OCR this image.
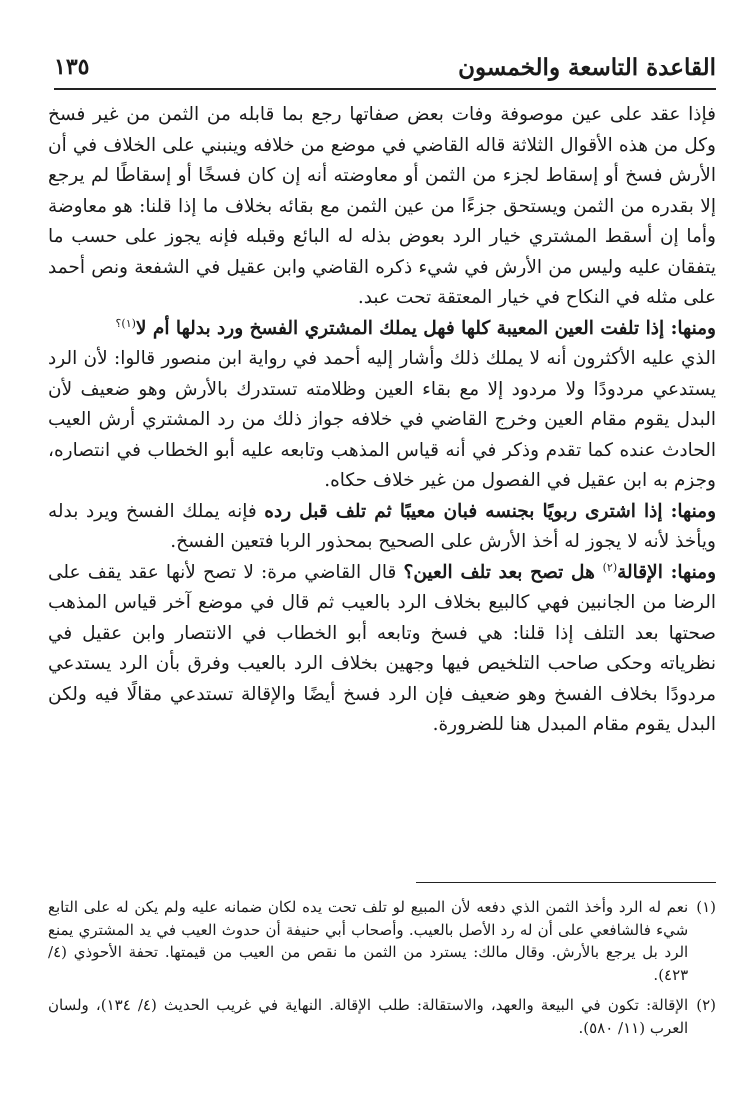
القاعدة التاسعة والخمسون
١٣٥

فإذا عقد على عين موصوفة وفات بعض صفاتها رجع بما قابله من الثمن من غير فسخ وكل من هذه الأقوال الثلاثة قاله القاضي في موضع من خلافه وينبني على الخلاف في أن الأرش فسخ أو إسقاط لجزء من الثمن أو معاوضته أنه إن كان فسخًا أو إسقاطًا لم يرجع إلا بقدره من الثمن ويستحق جزءًا من عين الثمن مع بقائه بخلاف ما إذا قلنا: هو معاوضة وأما إن أسقط المشتري خيار الرد بعوض بذله له البائع وقبله فإنه يجوز على حسب ما يتفقان عليه وليس من الأرش في شيء ذكره القاضي وابن عقيل في الشفعة ونص أحمد على مثله في النكاح في خيار المعتقة تحت عبد.

ومنها: إذا تلفت العين المعيبة كلها فهل يملك المشتري الفسخ ورد بدلها أم لا$^{(١)؟}$

الذي عليه الأكثرون أنه لا يملك ذلك وأشار إليه أحمد في رواية ابن منصور قالوا: لأن الرد يستدعي مردودًا ولا مردود إلا مع بقاء العين وظلامته تستدرك بالأرش وهو ضعيف لأن البدل يقوم مقام العين وخرج القاضي في خلافه جواز ذلك من رد المشتري أرش العيب الحادث عنده كما تقدم وذكر في أنه قياس المذهب وتابعه عليه أبو الخطاب في انتصاره، وجزم به ابن عقيل في الفصول من غير خلاف حكاه.

ومنها: إذا اشترى ربويًا بجنسه فبان معيبًا ثم تلف قبل رده فإنه يملك الفسخ ويرد بدله ويأخذ لأنه لا يجوز له أخذ الأرش على الصحيح بمحذور الربا فتعين الفسخ.

ومنها: الإقالة$^{(٢)}$ هل تصح بعد تلف العين؟ قال القاضي مرة: لا تصح لأنها عقد يقف على الرضا من الجانبين فهي كالبيع بخلاف الرد بالعيب ثم قال في موضع آخر قياس المذهب صحتها بعد التلف إذا قلنا: هي فسخ وتابعه أبو الخطاب في الانتصار وابن عقيل في نظرياته وحكى صاحب التلخيص فيها وجهين بخلاف الرد بالعيب وفرق بأن الرد يستدعي مردودًا بخلاف الفسخ وهو ضعيف فإن الرد فسخ أيضًا والإقالة تستدعي مقالًا فيه ولكن البدل يقوم مقام المبدل هنا للضرورة.

(١)
نعم له الرد وأخذ الثمن الذي دفعه لأن المبيع لو تلف تحت يده لكان ضمانه عليه ولم يكن له على التابع شيء فالشافعي على أن له رد الأصل بالعيب. وأصحاب أبي حنيفة أن حدوث العيب في يد المشتري يمنع الرد بل يرجع بالأرش. وقال مالك: يسترد من الثمن ما نقص من العيب من قيمتها. تحفة الأحوذي (٤/ ٤٢٣).
(٢)
الإقالة: تكون في البيعة والعهد، والاستقالة: طلب الإقالة. النهاية في غريب الحديث (٤/ ١٣٤)، ولسان العرب (١١/ ٥٨٠).
